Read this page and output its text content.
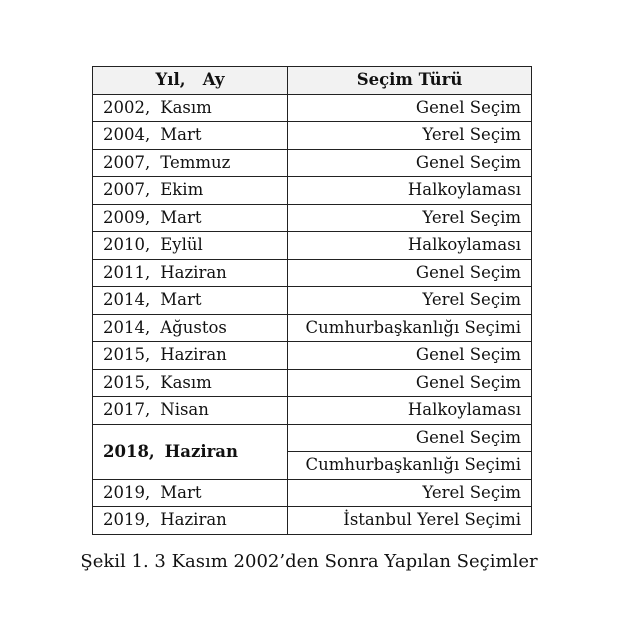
Yıl,   Ay	Seçim Türü
2002, Kasım	Genel Seçim
2004, Mart	Yerel Seçim
2007, Temmuz	Genel Seçim
2007, Ekim	Halkoylaması
2009, Mart	Yerel Seçim
2010, Eylül	Halkoylaması
2011, Haziran	Genel Seçim
2014, Mart	Yerel Seçim
2014, Ağustos	Cumhurbaşkanlığı Seçimi
2015, Haziran	Genel Seçim
2015, Kasım	Genel Seçim
2017, Nisan	Halkoylaması
2018, Haziran	Genel Seçim
	Cumhurbaşkanlığı Seçimi
2019, Mart	Yerel Seçim
2019, Haziran	İstanbul Yerel Seçimi
Şekil 1. 3 Kasım 2002’den Sonra Yapılan Seçimler
